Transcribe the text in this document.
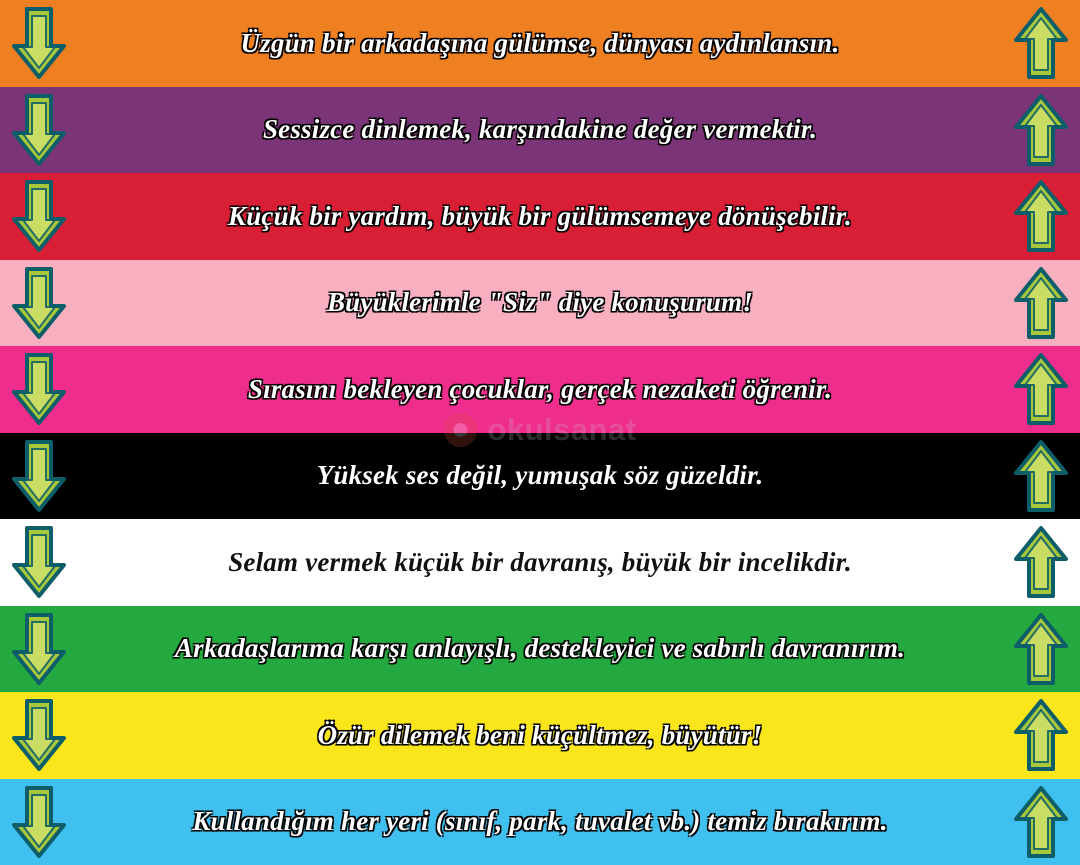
Üzgün bir arkadaşına gülümse, dünyası aydınlansın.
Sessizce dinlemek, karşındakine değer vermektir.
Küçük bir yardım, büyük bir gülümsemeye dönüşebilir.
Büyüklerimle "Siz" diye konuşurum!
Sırasını bekleyen çocuklar, gerçek nezaketi öğrenir.
Yüksek ses değil, yumuşak söz güzeldir.
Selam vermek küçük bir davranış, büyük bir incelikdir.
Arkadaşlarıma karşı anlayışlı, destekleyici ve sabırlı davranırım.
Özür dilemek beni küçültmez, büyütür!
Kullandığım her yeri (sınıf, park, tuvalet vb.) temiz bırakırım.
okulsanat
